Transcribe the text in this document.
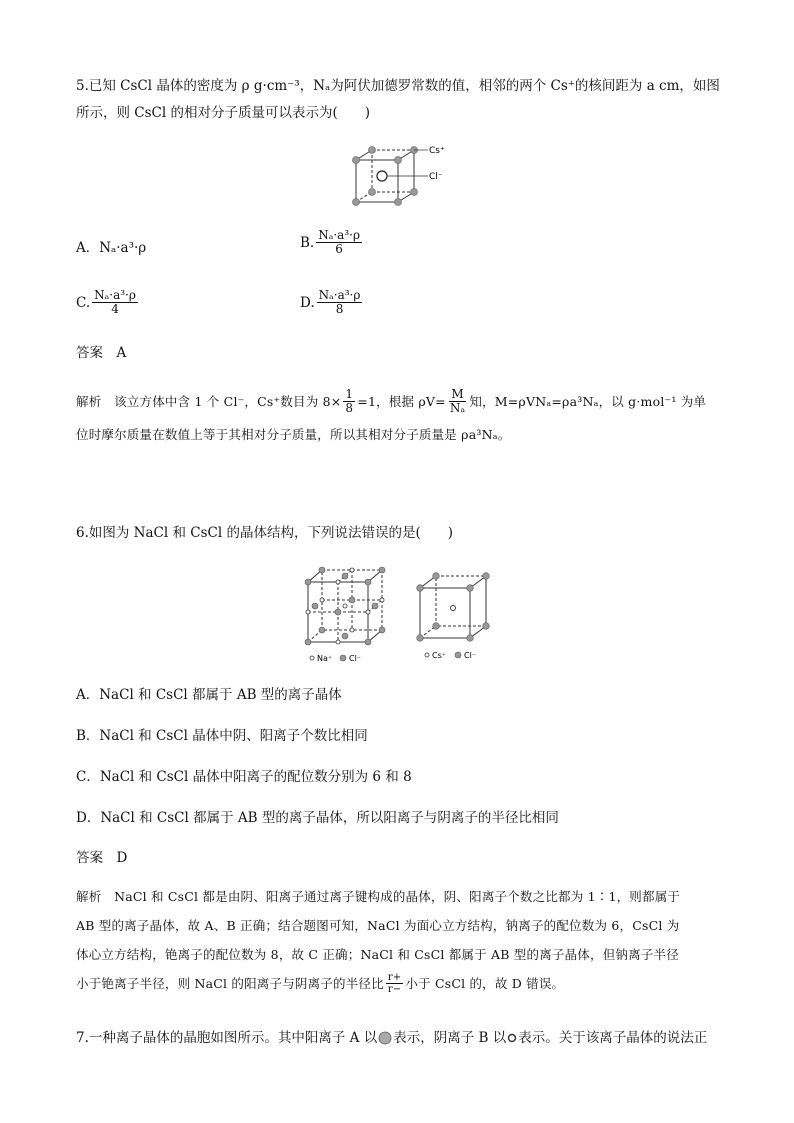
5.已知 CsCl 晶体的密度为 ρ g·cm⁻³，Nₐ为阿伏加德罗常数的值，相邻的两个 Cs⁺的核间距为 a cm，如图
所示，则 CsCl 的相对分子质量可以表示为(　　)
Cs⁺
Cl⁻
A．Nₐ·a³·ρ	B. $\frac{\text{Nₐ·a³·ρ}}{6}$
C. $\frac{\text{Nₐ·a³·ρ}}{4}$	D. $\frac{\text{Nₐ·a³·ρ}}{8}$
答案　A
解析　该立方体中含 1 个 Cl⁻，Cs⁺数目为 $8\times \frac{1}{8} =1$，根据 $\rho V= \frac{M}{\text{Nₐ}}$ 知，M=ρVNₐ=ρa³Nₐ，以 g·mol⁻¹ 为单
位时摩尔质量在数值上等于其相对分子质量，所以其相对分子质量是 ρa³Nₐ。
6.如图为 NaCl 和 CsCl 的晶体结构，下列说法错误的是(　　)
Na⁺ Cl⁻	Cs⁺ Cl⁻
A．NaCl 和 CsCl 都属于 AB 型的离子晶体
B．NaCl 和 CsCl 晶体中阴、阳离子个数比相同
C．NaCl 和 CsCl 晶体中阳离子的配位数分别为 6 和 8
D．NaCl 和 CsCl 都属于 AB 型的离子晶体，所以阳离子与阴离子的半径比相同
答案　D
解析　NaCl 和 CsCl 都是由阴、阳离子通过离子键构成的晶体，阴、阳离子个数之比都为 1∶1，则都属于
AB 型的离子晶体，故 A、B 正确；结合题图可知，NaCl 为面心立方结构，钠离子的配位数为 6，CsCl 为
体心立方结构，铯离子的配位数为 8，故 C 正确；NaCl 和 CsCl 都属于 AB 型的离子晶体，但钠离子半径
小于铯离子半径，则 NaCl 的阳离子与阴离子的半径比 $\frac{r+}{r-}$ 小于 CsCl 的，故 D 错误。
7.一种离子晶体的晶胞如图所示。其中阳离子 A 以 表示，阴离子 B 以 表示。关于该离子晶体的说法正
